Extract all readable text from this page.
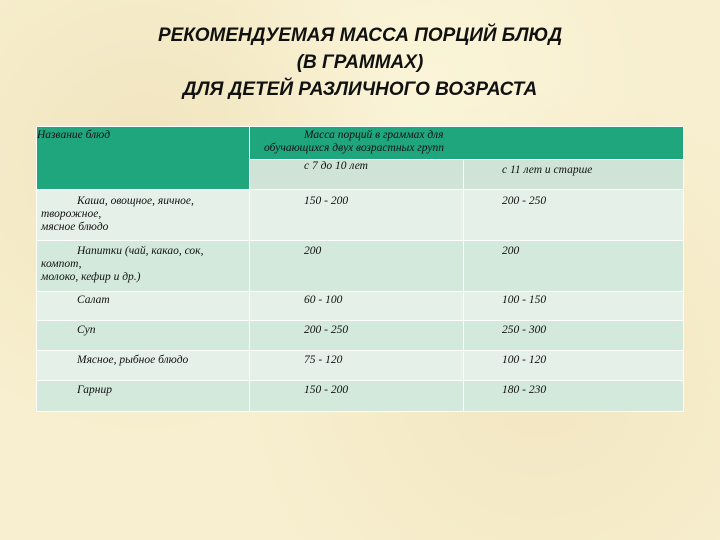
РЕКОМЕНДУЕМАЯ МАССА ПОРЦИЙ БЛЮД
(В ГРАММАХ)
ДЛЯ ДЕТЕЙ РАЗЛИЧНОГО ВОЗРАСТА
Название блюд	Масса порций в граммах для
обучающихся двух возрастных групп	

	с 7 до 10 лет	с 11 лет и старше

Каша, овощное, яичное,
творожное,
мясное блюдо	150 - 200	200 - 250

Напитки (чай, какао, сок,
компот,
молоко, кефир и др.)	200	200

Салат	60 - 100	100 - 150

Суп	200 - 250	250 - 300

Мясное, рыбное блюдо	75 - 120	100 - 120

Гарнир	150 - 200	180 - 230
